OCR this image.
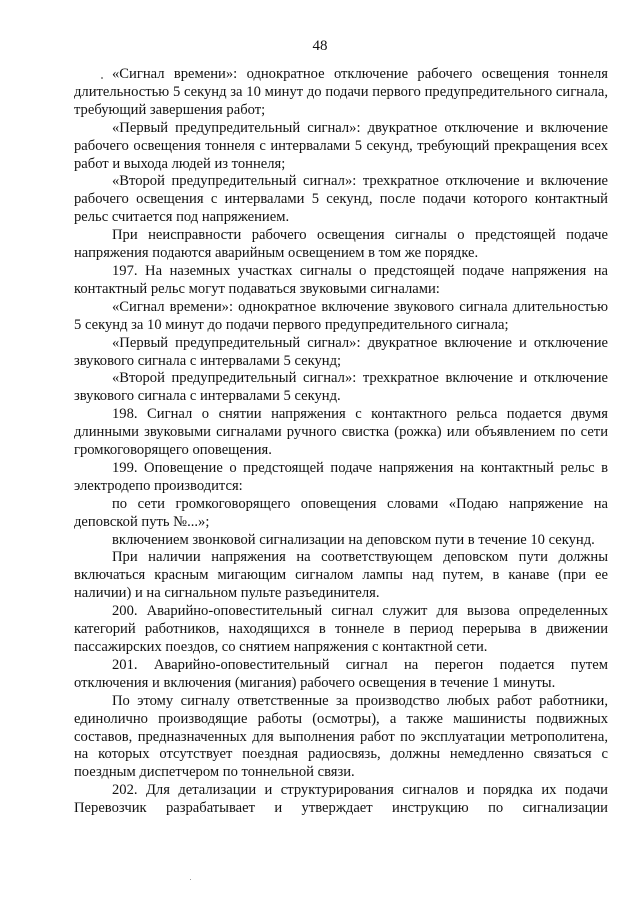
48

«Сигнал времени»: однократное отключение рабочего освещения тоннеля длительностью 5 секунд за 10 минут до подачи первого предупредительного сигнала, требующий завершения работ;

«Первый предупредительный сигнал»: двукратное отключение и включение рабочего освещения тоннеля с интервалами 5 секунд, требующий прекращения всех работ и выхода людей из тоннеля;

«Второй предупредительный сигнал»: трехкратное отключение и включение рабочего освещения с интервалами 5 секунд, после подачи которого контактный рельс считается под напряжением.

При неисправности рабочего освещения сигналы о предстоящей подаче напряжения подаются аварийным освещением в том же порядке.

197. На наземных участках сигналы о предстоящей подаче напряжения на контактный рельс могут подаваться звуковыми сигналами:

«Сигнал времени»: однократное включение звукового сигнала длительностью 5 секунд за 10 минут до подачи первого предупредительного сигнала;

«Первый предупредительный сигнал»: двукратное включение и отключение звукового сигнала с интервалами 5 секунд;

«Второй предупредительный сигнал»: трехкратное включение и отключение звукового сигнала с интервалами 5 секунд.

198. Сигнал о снятии напряжения с контактного рельса подается двумя длинными звуковыми сигналами ручного свистка (рожка) или объявлением по сети громкоговорящего оповещения.

199. Оповещение о предстоящей подаче напряжения на контактный рельс в электродепо производится:

по сети громкоговорящего оповещения словами «Подаю напряжение на деповской путь №...»;

включением звонковой сигнализации на деповском пути в течение 10 секунд.

При наличии напряжения на соответствующем деповском пути должны включаться красным мигающим сигналом лампы над путем, в канаве (при ее наличии) и на сигнальном пульте разъединителя.

200. Аварийно-оповестительный сигнал служит для вызова определенных категорий работников, находящихся в тоннеле в период перерыва в движении пассажирских поездов, со снятием напряжения с контактной сети.

201. Аварийно-оповестительный сигнал на перегон подается путем отключения и включения (мигания) рабочего освещения в течение 1 минуты.

По этому сигналу ответственные за производство любых работ работники, единолично производящие работы (осмотры), а также машинисты подвижных составов, предназначенных для выполнения работ по эксплуатации метрополитена, на которых отсутствует поездная радиосвязь, должны немедленно связаться с поездным диспетчером по тоннельной связи.

202. Для детализации и структурирования сигналов и порядка их подачи Перевозчик разрабатывает и утверждает инструкцию по сигнализации
